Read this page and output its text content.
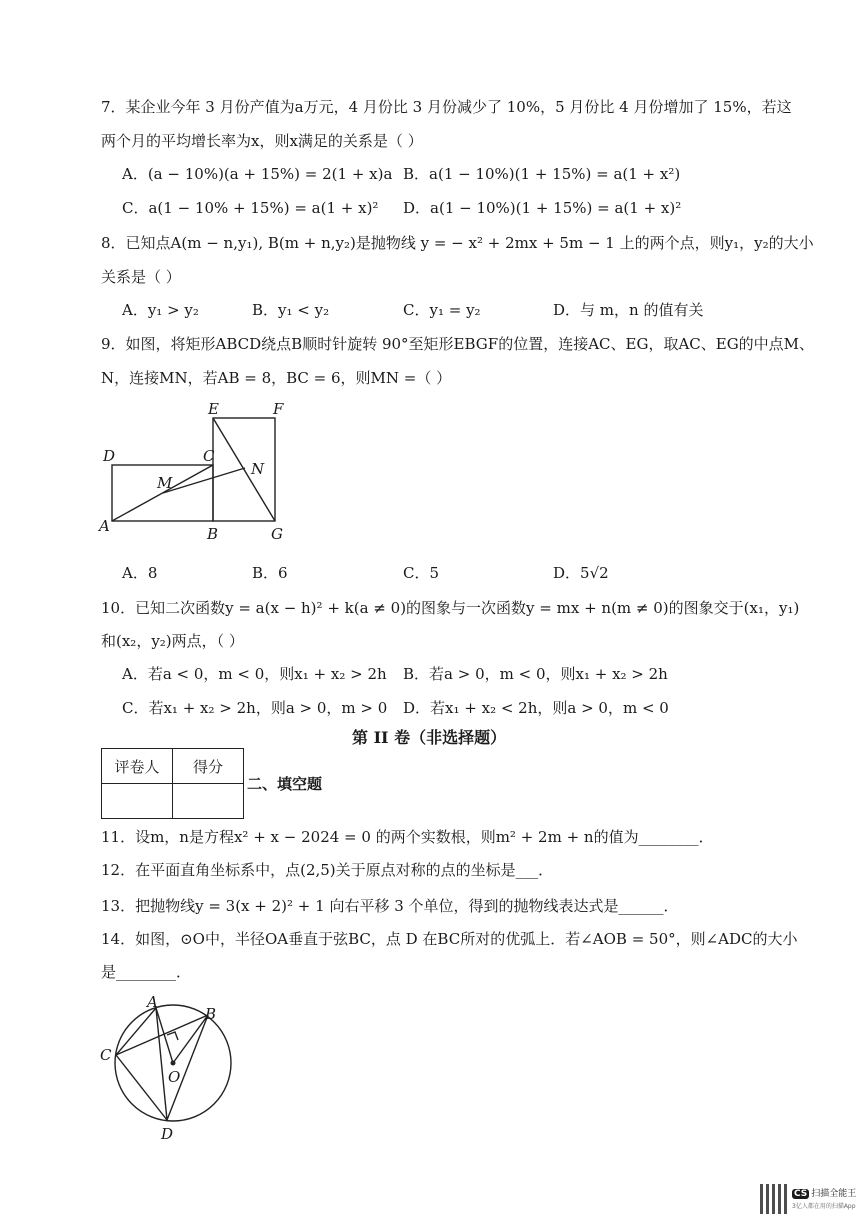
7．某企业今年 3 月份产值为a万元，4 月份比 3 月份减少了 10%，5 月份比 4 月份增加了 15%，若这
两个月的平均增长率为x，则x满足的关系是（ ）
A．(a − 10%)(a + 15%) = 2(1 + x)a B．a(1 − 10%)(1 + 15%) = a(1 + x²)
C．a(1 − 10% + 15%) = a(1 + x)² D．a(1 − 10%)(1 + 15%) = a(1 + x)²
8．已知点A(m − n,y₁), B(m + n,y₂)是抛物线 y = − x² + 2mx + 5m − 1 上的两个点，则y₁，y₂的大小
关系是（ ）
A．y₁ > y₂	B．y₁ < y₂	C．y₁ = y₂	D．与 m，n 的值有关
9．如图，将矩形ABCD绕点B顺时针旋转 90°至矩形EBGF的位置，连接AC、EG，取AC、EG的中点M、
N，连接MN，若AB = 8，BC = 6，则MN =（ ）
E	F
D	C
N
M
A	B	G
A．8	B．6	C．5	D．5√2
10．已知二次函数y = a(x − h)² + k(a ≠ 0)的图象与一次函数y = mx + n(m ≠ 0)的图象交于(x₁，y₁)
和(x₂，y₂)两点，（ ）
A．若a < 0，m < 0，则x₁ + x₂ > 2h B．若a > 0，m < 0，则x₁ + x₂ > 2h
C．若x₁ + x₂ > 2h，则a > 0，m > 0 D．若x₁ + x₂ < 2h，则a > 0，m < 0
第 II 卷（非选择题）
评卷人	得分

二、填空题
11．设m，n是方程x² + x − 2024 = 0 的两个实数根，则m² + 2m + n的值为________．
12．在平面直角坐标系中，点(2,5)关于原点对称的点的坐标是___．
13．把抛物线y = 3(x + 2)² + 1 向右平移 3 个单位，得到的抛物线表达式是______．
14．如图，⊙O中，半径OA垂直于弦BC，点 D 在BC所对的优弧上．若∠AOB = 50°，则∠ADC的大小
是________．
A
B
C
O
D
CS 扫描全能王
3亿人都在用的扫描App
